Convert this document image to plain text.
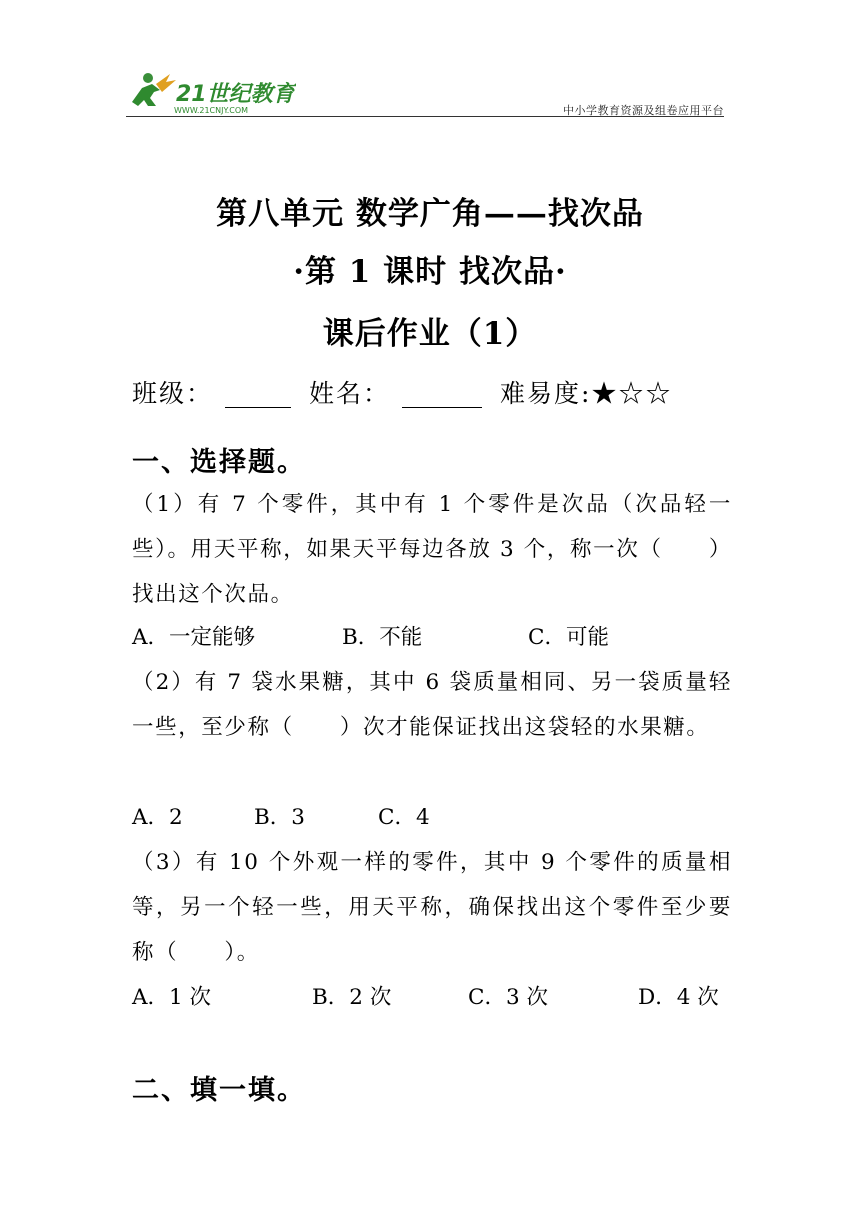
21世纪教育
WWW.21CNJY.COM	中小学教育资源及组卷应用平台
第八单元 数学广角——找次品
·第 1 课时 找次品·
课后作业（1）
班级：	姓名：	难易度:★☆☆
一、选择题。
（1）有 7 个零件，其中有 1 个零件是次品（次品轻一些）。用天平称，如果天平每边各放 3 个，称一次（　　）找出这个次品。
A．一定能够	B．不能	C．可能
（2）有 7 袋水果糖，其中 6 袋质量相同、另一袋质量轻一些，至少称（　　）次才能保证找出这袋轻的水果糖。
A．2	B．3	C．4
（3）有 10 个外观一样的零件，其中 9 个零件的质量相等，另一个轻一些，用天平称，确保找出这个零件至少要称（　　）。
A．1 次	B．2 次	C．3 次	D．4 次
二、填一填。
